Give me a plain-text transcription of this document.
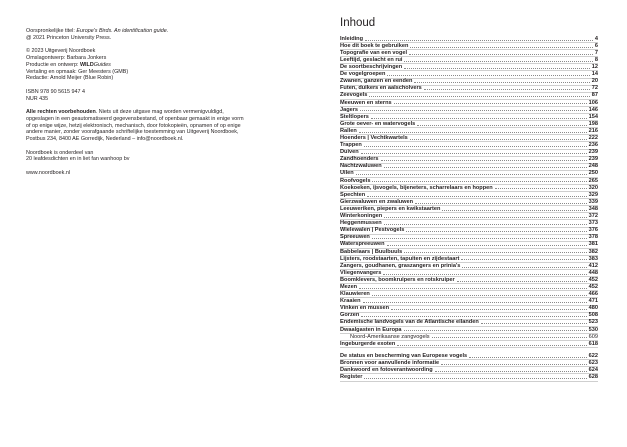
Oorspronkelijke titel: Europe's Birds. An identification guide.
@ 2021 Princeton University Press.
© 2023 Uitgeverij Noordboek
Omslagontwerp: Barbara Jonkers
Productie en ontwerp: WILDGuides
Vertaling en opmaak: Ger Meesters (GMB)
Redactie: Arnold Meijer (Blue Robin)
ISBN 978 90 5615 947 4
NUR 435
Alle rechten voorbehouden. Niets uit deze uitgave mag worden vermenigvuldigd,
opgeslagen in een geautomatiseerd gegevensbestand, of openbaar gemaakt in enige vorm
of op enige wijze, hetzij elektronisch, mechanisch, door fotokopieën, opnamen of op enige
andere manier, zonder voorafgaande schriftelijke toestemming van Uitgeverij Noordboek,
Postbus 234, 8400 AE Gorredijk, Nederland – info@noordboek.nl.
Noordboek is onderdeel van
20 leafdesdichten en in liet fan wanhoop bv
www.noordboek.nl
Inhoud
Inleiding	4
Hoe dit boek te gebruiken	6
Topografie van een vogel	7
Leeftijd, geslacht en rui	8
De soortbeschrijvingen	12
De vogelgroepen	14
Zwanen, ganzen en eenden	20
Futen, duikers en aalscholvers	72
Zeevogels	87
Meeuwen en sterns	106
Jagers	146
Steltlopers	154
Grote oever- en watervogels	198
Rallen	216
Hoenders | Vechtkwartels	222
Trappen	236
Duiven	239
Zandhoenders	239
Nachtzwaluwen	248
Uilen	250
Roofvogels	265
Koekoeken, ijsvogels, bijeneters, scharrelaars en hoppen	320
Spechten	329
Gierzwaluwen en zwaluwen	339
Leeuweriken, piepers en kwikstaarten	348
Winterkoningen	372
Heggenmussen	373
Wielewalen | Pestvogels	376
Spreeuwen	378
Waterspreeuwen	381
Babbelaars | Buulbuuls	382
Lijsters, roodstaarten, tapuiten en zijdestaart	383
Zangers, goudhanen, graszangers en prinia's	412
Vliegenvangers	448
Boomklevers, boomkruipers en rotskruiper	452
Mezen	452
Klauwieren	466
Kraaien	471
Vinken en mussen	480
Gorzen	508
Endemische landvogels van de Atlantische eilanden	523
Dwaalgasten in Europa	530
Noord-Amerikaanse zangvogels	609
Ingeburgerde exoten	618
De status en bescherming van Europese vogels	622
Bronnen voor aanvullende informatie	623
Dankwoord en fotoverantwoording	624
Register	628
